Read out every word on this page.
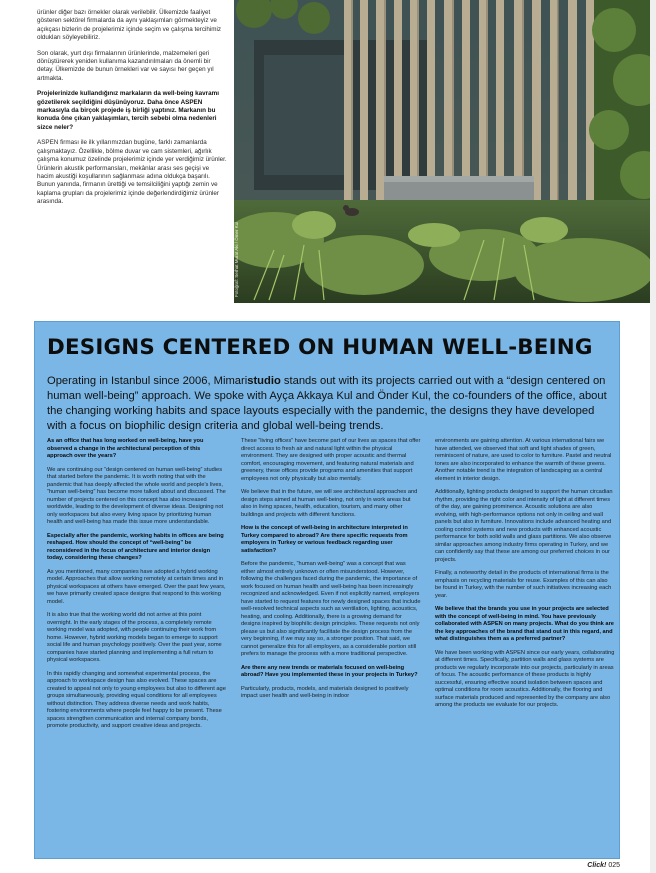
ürünler diğer bazı örnekler olarak verilebilir. Ülkemizde faaliyet gösteren sektörel firmalarda da aynı yaklaşımları görmekteyiz ve açıkçası bizlerin de projelerimiz içinde seçim ve çalışma tercihimiz oldukları söyleyebiliriz.

Son olarak, yurt dışı firmalarının ürünlerinde, malzemeleri geri dönüştürerek yeniden kullanıma kazandırılmaları da önemli bir detay. Ülkemizde de bunun örnekleri var ve sayısı her geçen yıl artmakta.

Projelerinizde kullandığınız markaların da well-being kavramı gözetilerek seçildiğini düşünüyoruz. Daha önce ASPEN markasıyla da birçok projede iş birliği yaptınız. Markanın bu konuda öne çıkan yaklaşımları, tercih sebebi olma nedenleri sizce neler?

ASPEN firması ile ilk yıllarımızdan bugüne, farklı zamanlarda çalışmaktayız. Özellikle, bölme duvar ve cam sistemleri, ağırlık çalışma konumuz özelinde projelerimiz içinde yer verdiğimiz ürünler. Ürünlerin akustik performansları, mekânlar arası ses geçişi ve hacim akustiği koşullarının sağlanması adına oldukça başarılı. Bunun yanında, firmanın ürettiği ve temsilciliğini yaptığı zemin ve kaplama grupları da projelerimiz içinde değerlendirdiğimiz ürünler arasında.

Fotoğraf: Serhat Murat Aki / Ömer Kul
DESIGNS CENTERED ON HUMAN WELL-BEING

Operating in Istanbul since 2006, Mimaristudio stands out with its projects carried out with a “design centered on human well-being” approach. We spoke with Ayça Akkaya Kul and Önder Kul, the co-founders of the office, about the changing working habits and space layouts especially with the pandemic, the designs they have developed with a focus on biophilic design criteria and global well-being trends.

As an office that has long worked on well-being, have you observed a change in the architectural perception of this approach over the years?

We are continuing our “design centered on human well-being” studies that started before the pandemic. It is worth noting that with the pandemic that has deeply affected the whole world and people’s lives, “human well-being” has become more talked about and discussed. The number of projects centered on this concept has also increased worldwide, leading to the development of diverse ideas. Designing not only workspaces but also every living space by prioritizing human health and well-being has made this issue more understandable.

Especially after the pandemic, working habits in offices are being reshaped. How should the concept of “well-being” be reconsidered in the focus of architecture and interior design today, considering these changes?

As you mentioned, many companies have adopted a hybrid working model. Approaches that allow working remotely at certain times and in physical workspaces at others have emerged. Over the past few years, we have primarily created space designs that respond to this working model.

It is also true that the working world did not arrive at this point overnight. In the early stages of the process, a completely remote working model was adopted, with people continuing their work from home. However, hybrid working models began to emerge to support social life and human psychology positively. Over the past year, some companies have started planning and implementing a full return to physical workspaces.

In this rapidly changing and somewhat experimental process, the approach to workspace design has also evolved. These spaces are created to appeal not only to young employees but also to different age groups simultaneously, providing equal conditions for all employees without distinction. They address diverse needs and work habits, fostering environments where people feel happy to be present. These spaces strengthen communication and internal company bonds, promote productivity, and support creative ideas and projects.

These “living offices” have become part of our lives as spaces that offer direct access to fresh air and natural light within the physical environment. They are designed with proper acoustic and thermal comfort, encouraging movement, and featuring natural materials and greenery, these offices provide programs and amenities that support employees not only physically but also mentally.

We believe that in the future, we will see architectural approaches and design steps aimed at human well-being, not only in work areas but also in living spaces, health, education, tourism, and many other buildings and projects with different functions.

How is the concept of well-being in architecture interpreted in Turkey compared to abroad? Are there specific requests from employers in Turkey or various feedback regarding user satisfaction?

Before the pandemic, “human well-being” was a concept that was either almost entirely unknown or often misunderstood. However, following the challenges faced during the pandemic, the importance of work focused on human health and well-being has been increasingly recognized and acknowledged. Even if not explicitly named, employers have started to request features for newly designed spaces that include well-resolved technical aspects such as ventilation, lighting, acoustics, heating, and cooling. Additionally, there is a growing demand for designs inspired by biophilic design principles. These requests not only please us but also significantly facilitate the design process from the very beginning, if we may say so, a stronger position. That said, we cannot generalize this for all employers, as a considerable portion still prefers to manage the process with a more traditional perspective.

Are there any new trends or materials focused on well-being abroad? Have you implemented these in your projects in Turkey?

Particularly, products, models, and materials designed to positively impact user health and well-being in indoor

environments are gaining attention. At various international fairs we have attended, we observed that soft and light shades of green, reminiscent of nature, are used to color to furniture. Pastel and neutral tones are also incorporated to enhance the warmth of these greens. Another notable trend is the integration of landscaping as a central element in interior design.

Additionally, lighting products designed to support the human circadian rhythm, providing the right color and intensity of light at different times of the day, are gaining prominence. Acoustic solutions are also evolving, with high-performance options not only in ceiling and wall panels but also in furniture. Innovations include advanced heating and cooling control systems and new products with enhanced acoustic performance for both solid walls and glass partitions. We also observe similar approaches among industry firms operating in Turkey, and we can confidently say that these are among our preferred choices in our projects.

Finally, a noteworthy detail in the products of international firms is the emphasis on recycling materials for reuse. Examples of this can also be found in Turkey, with the number of such initiatives increasing each year.

We believe that the brands you use in your projects are selected with the concept of well-being in mind. You have previously collaborated with ASPEN on many projects. What do you think are the key approaches of the brand that stand out in this regard, and what distinguishes them as a preferred partner?

We have been working with ASPEN since our early years, collaborating at different times. Specifically, partition walls and glass systems are products we regularly incorporate into our projects, particularly in areas of focus. The acoustic performance of these products is highly successful, ensuring effective sound isolation between spaces and optimal conditions for room acoustics. Additionally, the flooring and surface materials produced and represented by the company are also among the products we evaluate for our projects.

Click! 025
